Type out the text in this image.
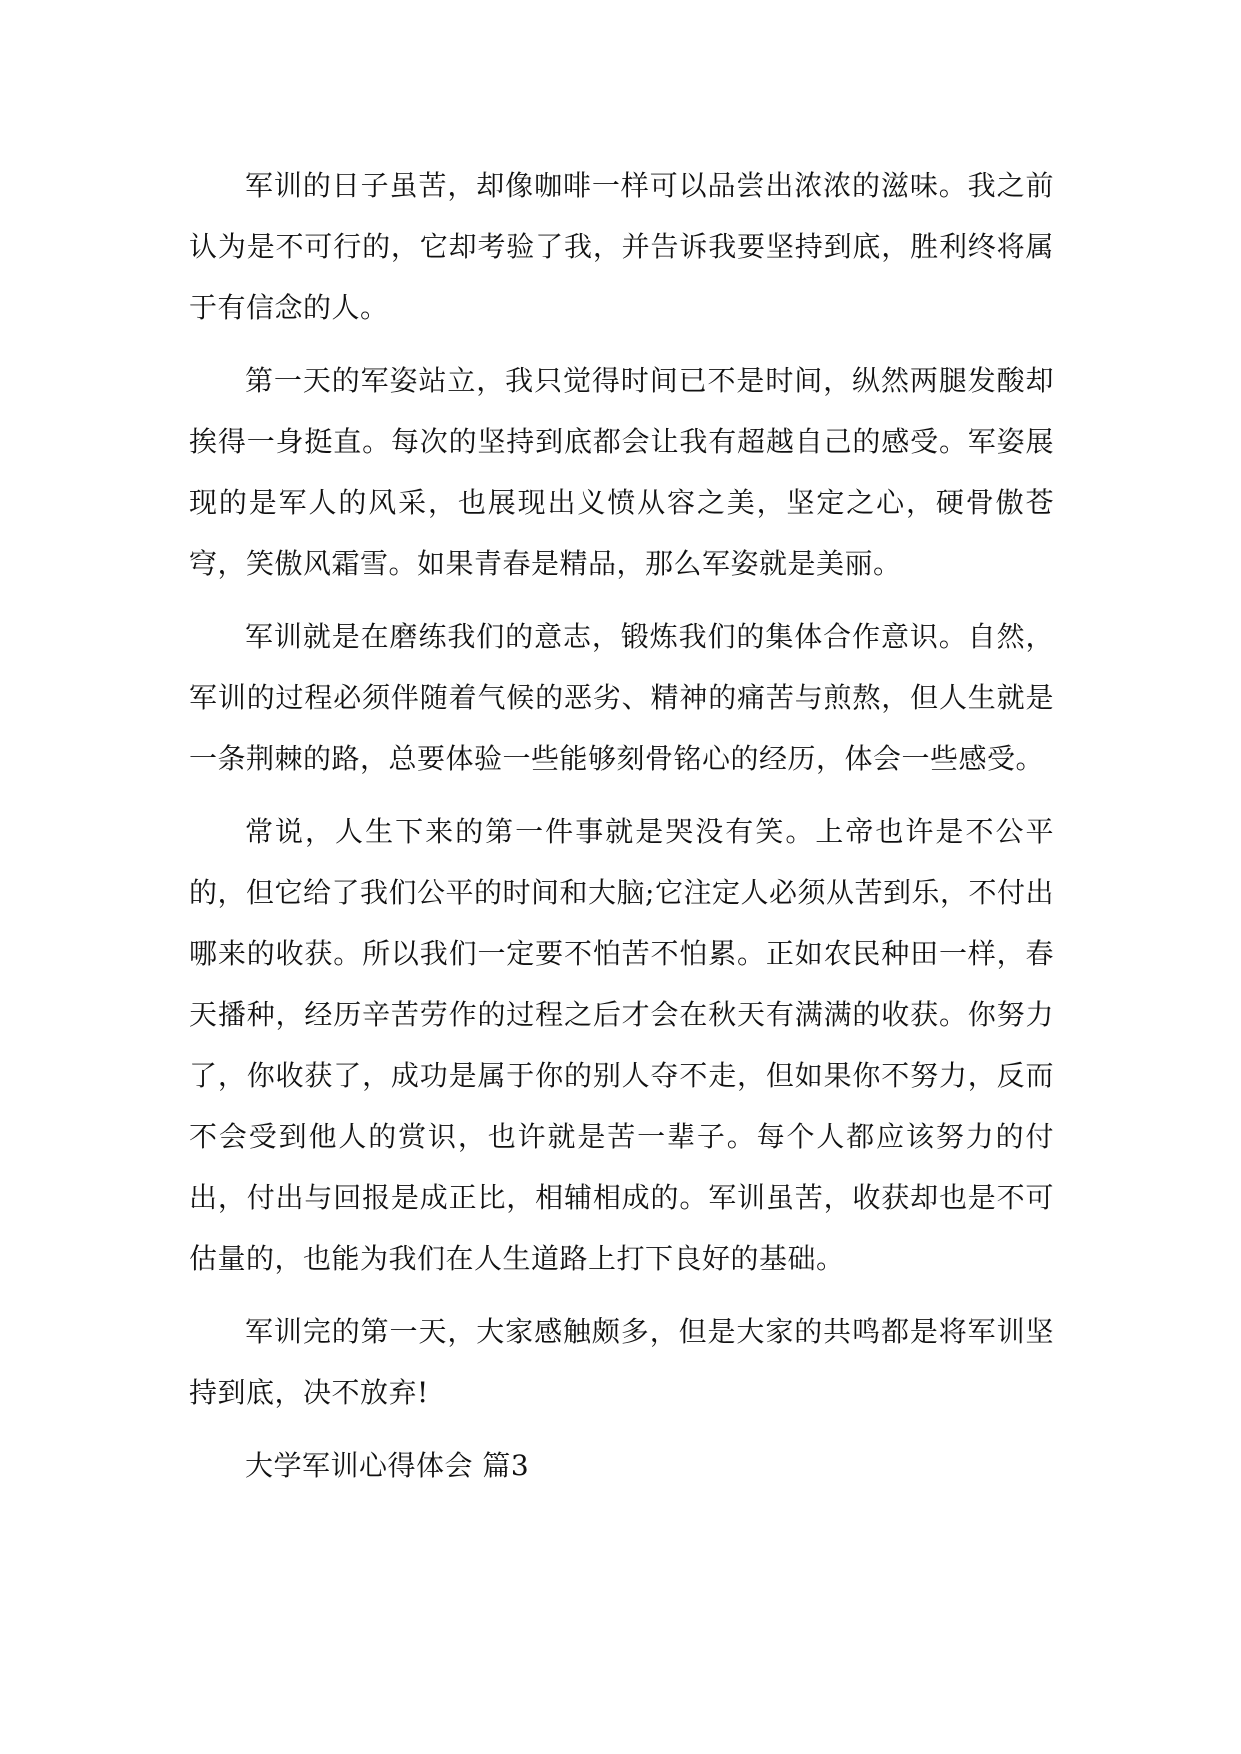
军训的日子虽苦，却像咖啡一样可以品尝出浓浓的滋味。我之前认为是不可行的，它却考验了我，并告诉我要坚持到底，胜利终将属于有信念的人。

第一天的军姿站立，我只觉得时间已不是时间，纵然两腿发酸却挨得一身挺直。每次的坚持到底都会让我有超越自己的感受。军姿展现的是军人的风采，也展现出义愤从容之美，坚定之心，硬骨傲苍穹，笑傲风霜雪。如果青春是精品，那么军姿就是美丽。

军训就是在磨练我们的意志，锻炼我们的集体合作意识。自然，军训的过程必须伴随着气候的恶劣、精神的痛苦与煎熬，但人生就是一条荆棘的路，总要体验一些能够刻骨铭心的经历，体会一些感受。

常说，人生下来的第一件事就是哭没有笑。上帝也许是不公平的，但它给了我们公平的时间和大脑;它注定人必须从苦到乐，不付出哪来的收获。所以我们一定要不怕苦不怕累。正如农民种田一样，春天播种，经历辛苦劳作的过程之后才会在秋天有满满的收获。你努力了，你收获了，成功是属于你的别人夺不走，但如果你不努力，反而不会受到他人的赏识，也许就是苦一辈子。每个人都应该努力的付出，付出与回报是成正比，相辅相成的。军训虽苦，收获却也是不可估量的，也能为我们在人生道路上打下良好的基础。

军训完的第一天，大家感触颇多，但是大家的共鸣都是将军训坚持到底，决不放弃!

大学军训心得体会 篇3
